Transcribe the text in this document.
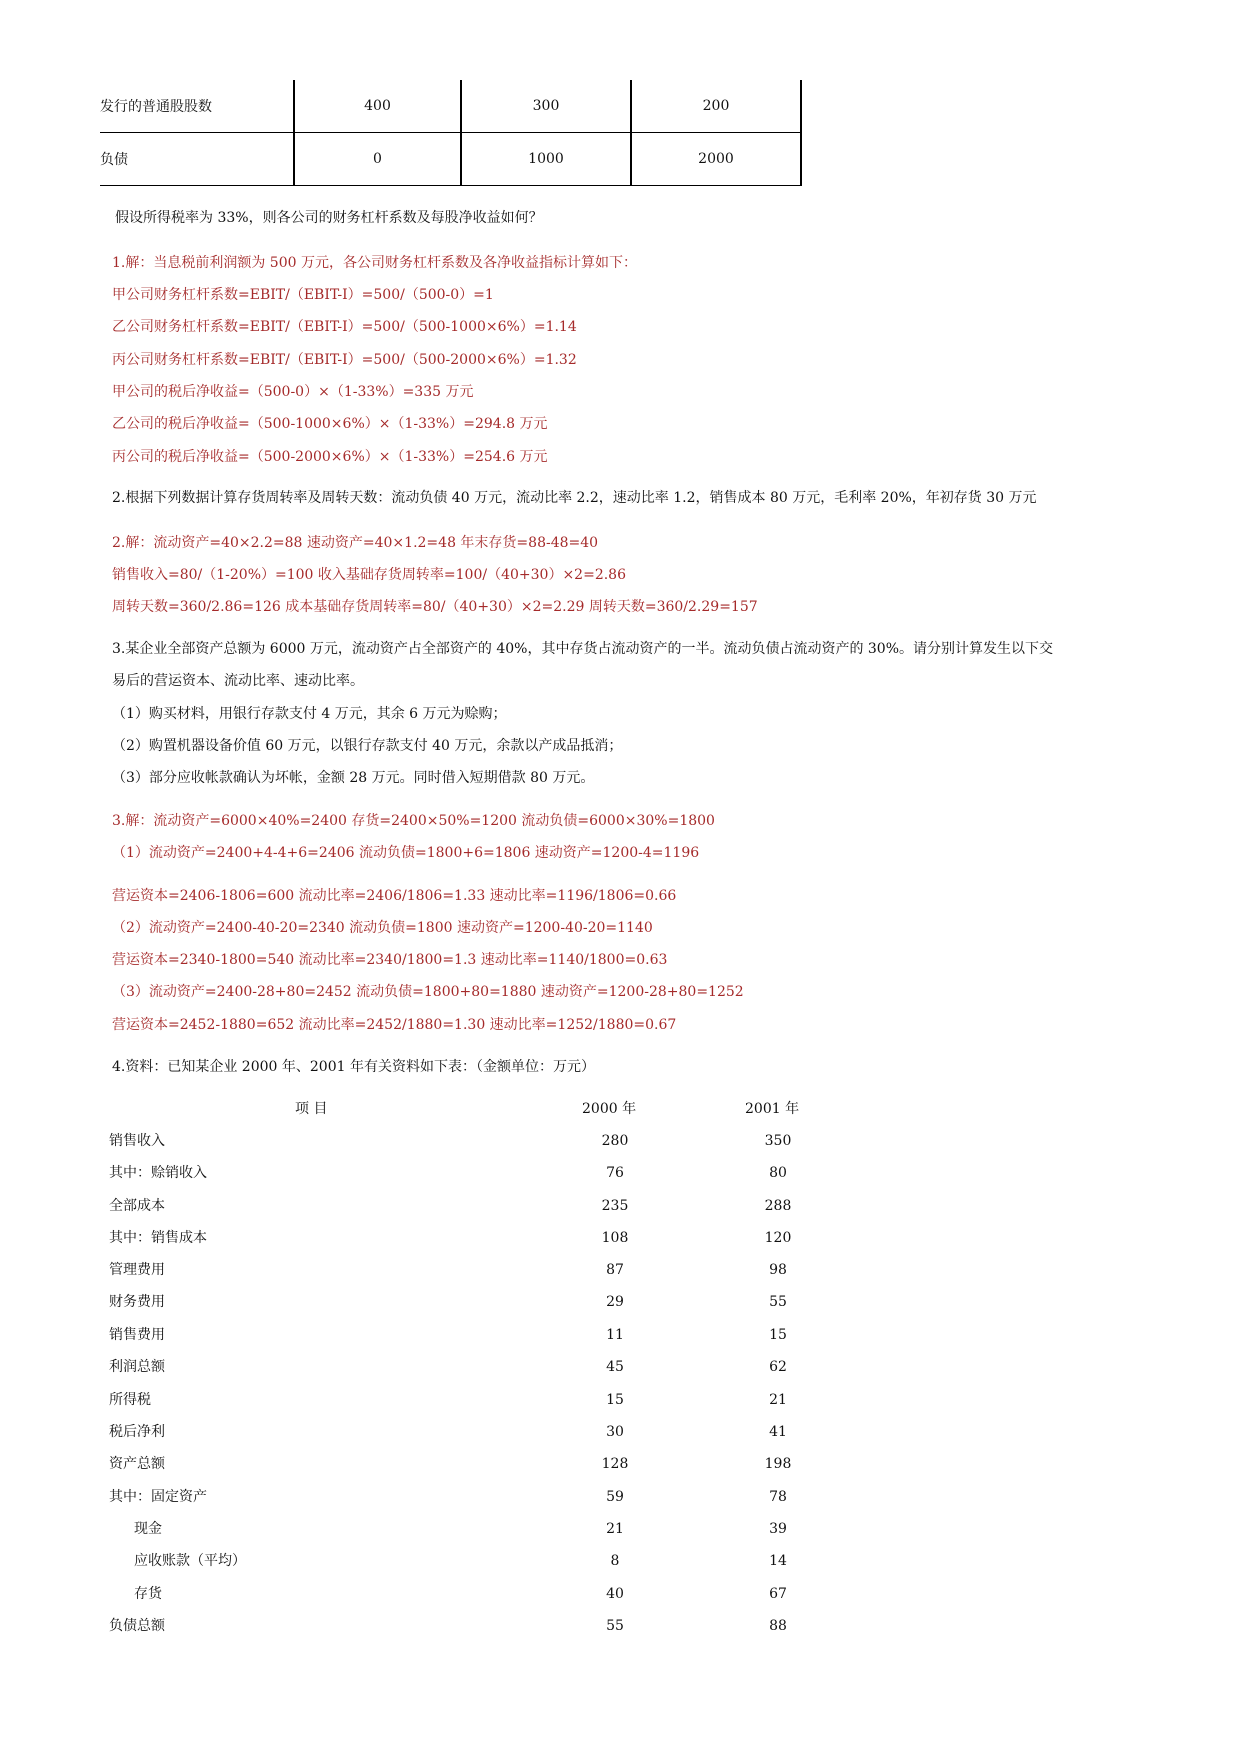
发行的普通股股数	400	300	200
负债	0	1000	2000
假设所得税率为 33%，则各公司的财务杠杆系数及每股净收益如何？
1.解：当息税前利润额为 500 万元，各公司财务杠杆系数及各净收益指标计算如下：
甲公司财务杠杆系数=EBIT/（EBIT-I）=500/（500-0）=1
乙公司财务杠杆系数=EBIT/（EBIT-I）=500/（500-1000×6%）=1.14
丙公司财务杠杆系数=EBIT/（EBIT-I）=500/（500-2000×6%）=1.32
甲公司的税后净收益=（500-0）×（1-33%）=335 万元
乙公司的税后净收益=（500-1000×6%）×（1-33%）=294.8 万元
丙公司的税后净收益=（500-2000×6%）×（1-33%）=254.6 万元
2.根据下列数据计算存货周转率及周转天数：流动负债 40 万元，流动比率 2.2，速动比率 1.2，销售成本 80 万元，毛利率 20%，年初存货 30 万元
2.解：流动资产=40×2.2=88 速动资产=40×1.2=48 年末存货=88-48=40
销售收入=80/（1-20%）=100 收入基础存货周转率=100/（40+30）×2=2.86
周转天数=360/2.86=126 成本基础存货周转率=80/（40+30）×2=2.29 周转天数=360/2.29=157
3.某企业全部资产总额为 6000 万元，流动资产占全部资产的 40%，其中存货占流动资产的一半。流动负债占流动资产的 30%。请分别计算发生以下交
易后的营运资本、流动比率、速动比率。
（1）购买材料，用银行存款支付 4 万元，其余 6 万元为赊购；
（2）购置机器设备价值 60 万元，以银行存款支付 40 万元，余款以产成品抵消；
（3）部分应收帐款确认为坏帐，金额 28 万元。同时借入短期借款 80 万元。
3.解：流动资产=6000×40%=2400 存货=2400×50%=1200 流动负债=6000×30%=1800
（1）流动资产=2400+4-4+6=2406 流动负债=1800+6=1806 速动资产=1200-4=1196
营运资本=2406-1806=600 流动比率=2406/1806=1.33 速动比率=1196/1806=0.66
（2）流动资产=2400-40-20=2340 流动负债=1800 速动资产=1200-40-20=1140
营运资本=2340-1800=540 流动比率=2340/1800=1.3 速动比率=1140/1800=0.63
（3）流动资产=2400-28+80=2452 流动负债=1800+80=1880 速动资产=1200-28+80=1252
营运资本=2452-1880=652 流动比率=2452/1880=1.30 速动比率=1252/1880=0.67
4.资料：已知某企业 2000 年、2001 年有关资料如下表：（金额单位：万元）
项 目	2000 年	2001 年
销售收入	280	350
其中：赊销收入	76	80
全部成本	235	288
其中：销售成本	108	120
管理费用	87	98
财务费用	29	55
销售费用	11	15
利润总额	45	62
所得税	15	21
税后净利	30	41
资产总额	128	198
其中：固定资产	59	78
现金	21	39
应收账款（平均）	8	14
存货	40	67
负债总额	55	88
